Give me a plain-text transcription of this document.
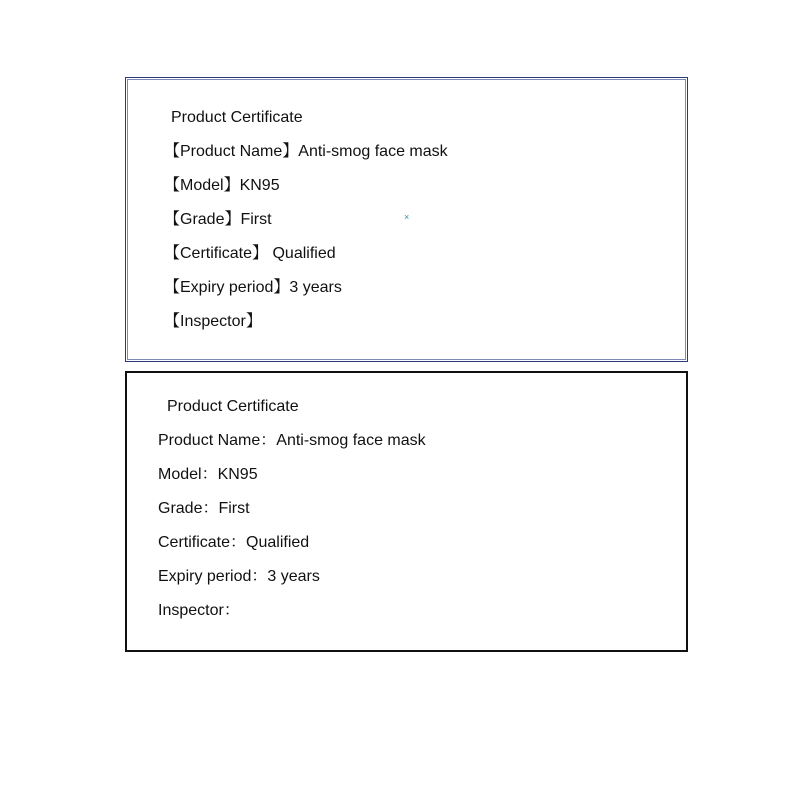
Product Certificate
【Product Name】Anti-smog face mask
【Model】KN95
【Grade】First	×
【Certificate】 Qualified
【Expiry period】3 years
【Inspector】
Product Certificate
Product Name：Anti-smog face mask
Model：KN95
Grade：First
Certificate：Qualified
Expiry period：3 years
Inspector：
